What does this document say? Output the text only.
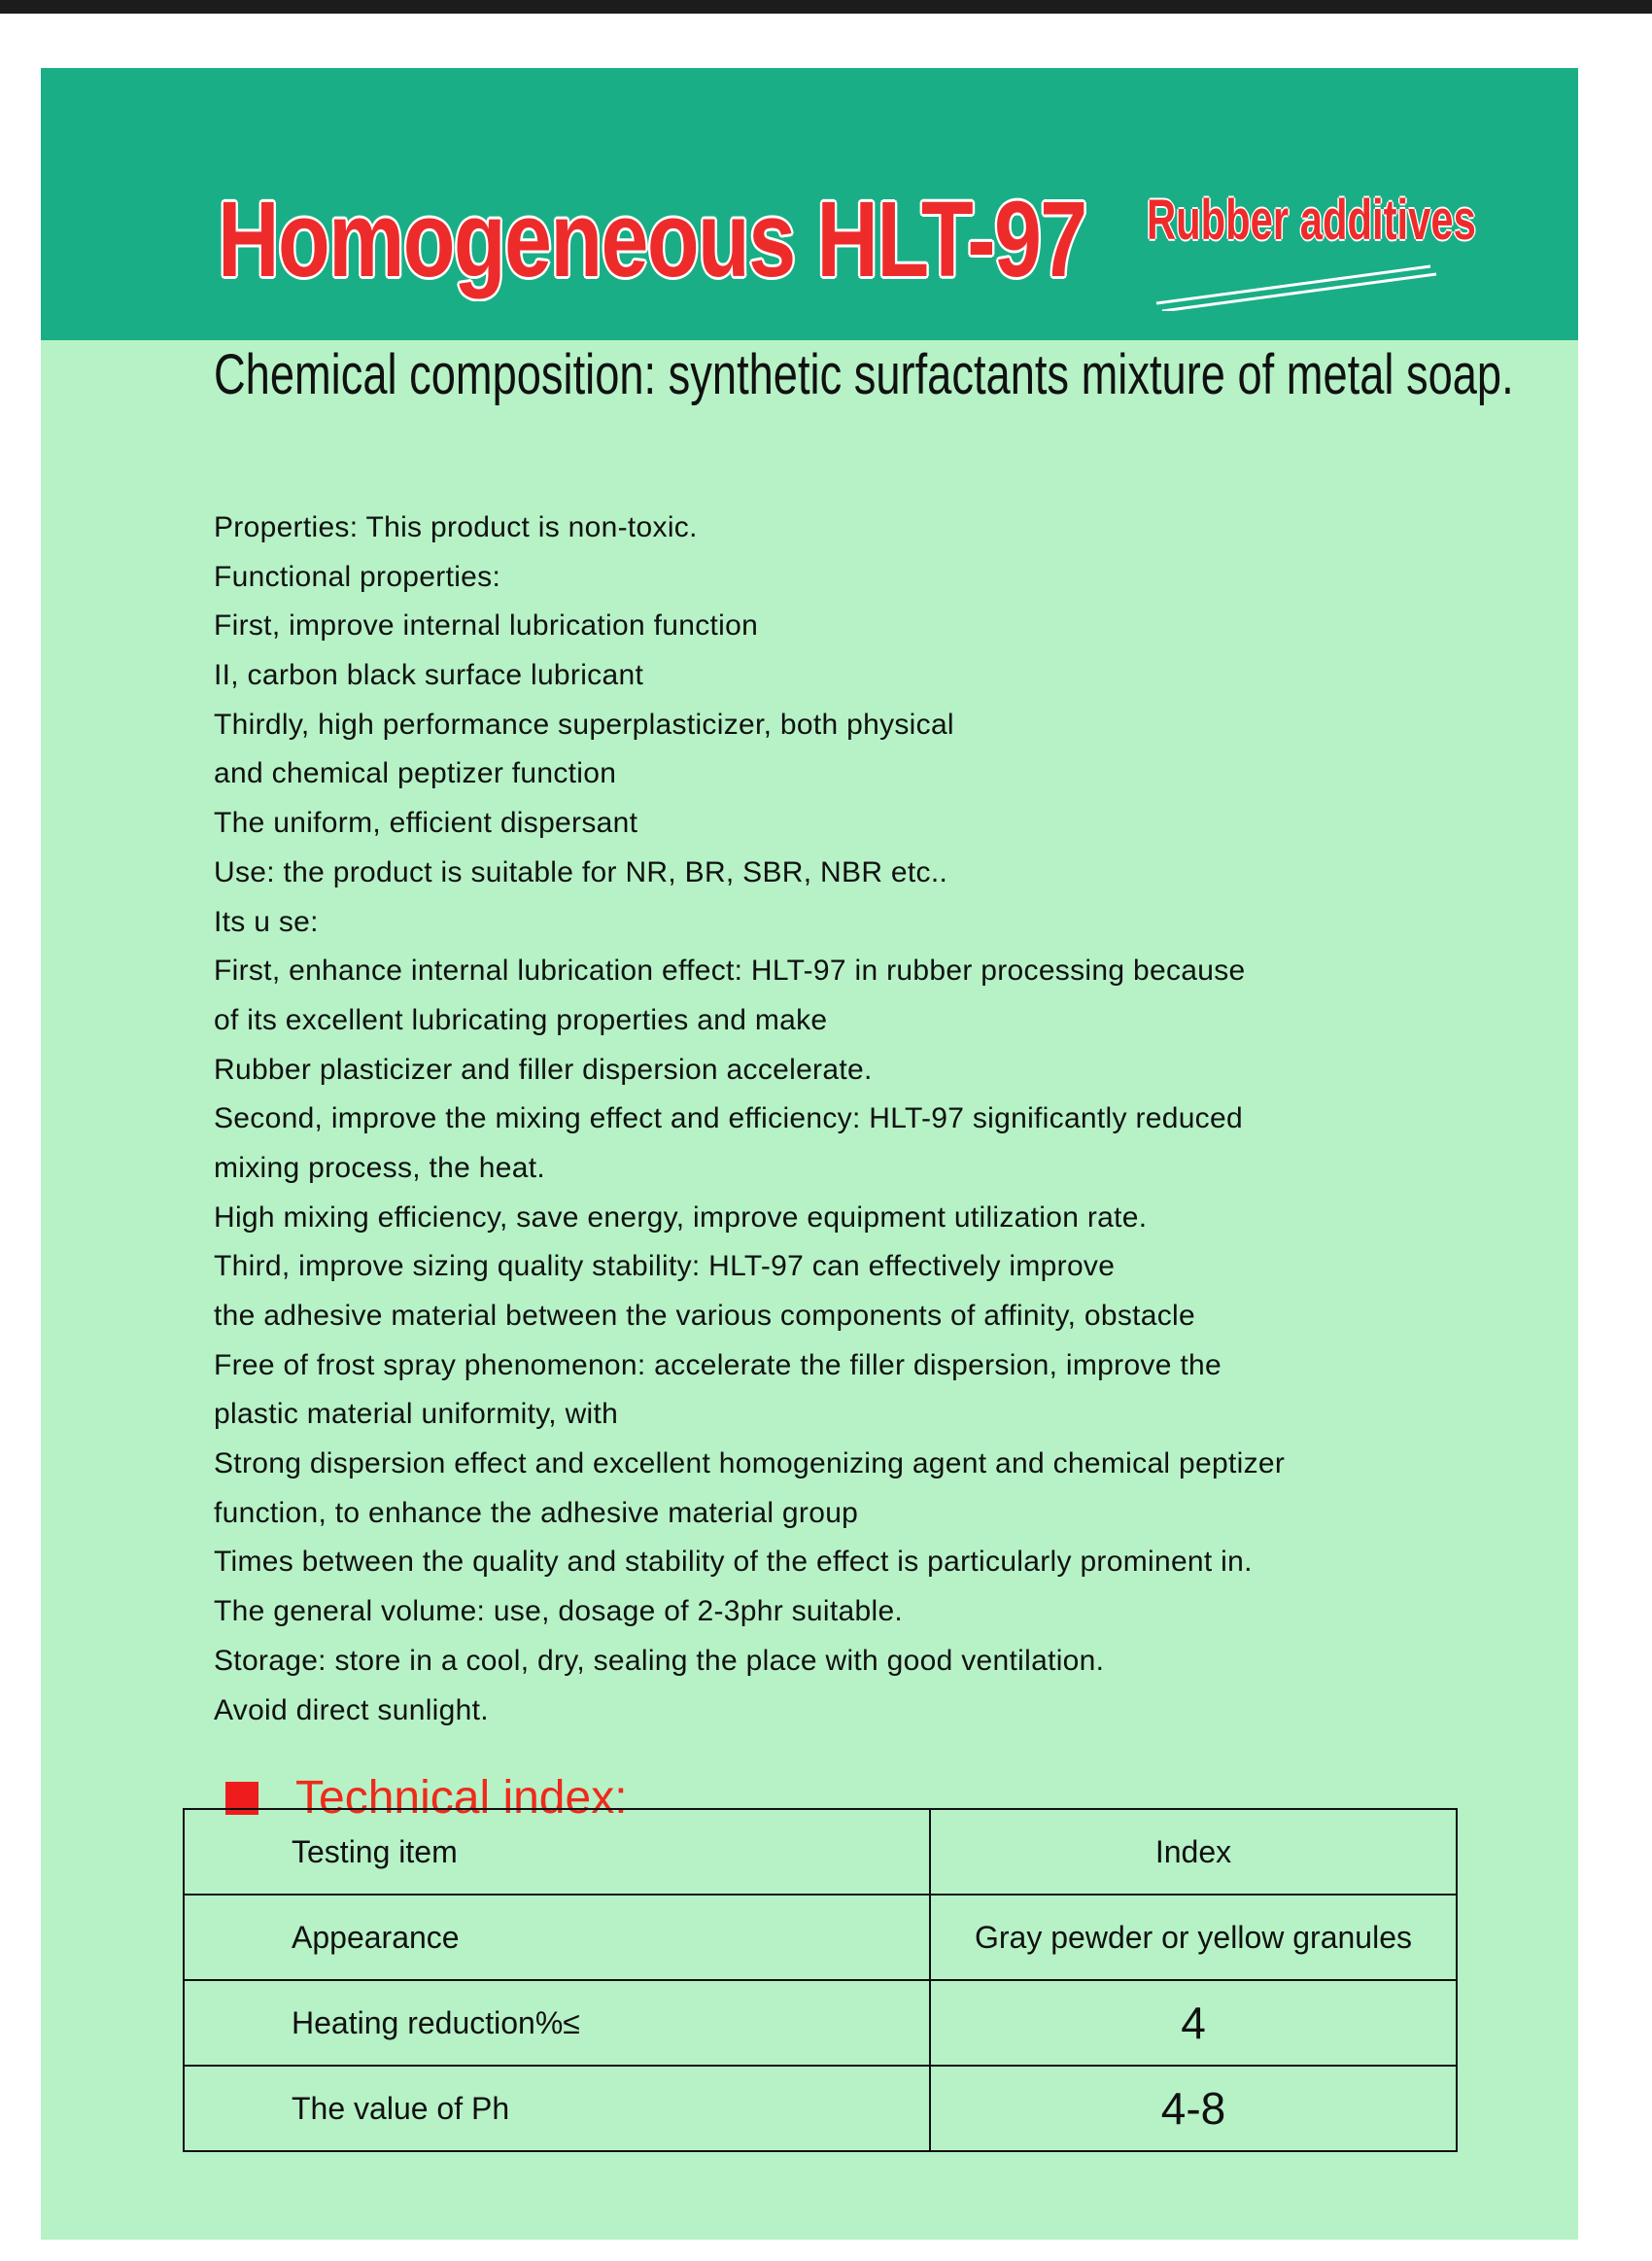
Homogeneous HLT-97 Rubber additives
Chemical composition: synthetic surfactants mixture of metal soap.
Properties: This product is non-toxic.
Functional properties:
First, improve internal lubrication function
II, carbon black surface lubricant
Thirdly, high performance superplasticizer, both physical
and chemical peptizer function
The uniform, efficient dispersant
Use: the product is suitable for NR, BR, SBR, NBR etc..
Its u se:
First, enhance internal lubrication effect: HLT-97 in rubber processing because
of its excellent lubricating properties and make
Rubber plasticizer and filler dispersion accelerate.
Second, improve the mixing effect and efficiency: HLT-97 significantly reduced
mixing process, the heat.
High mixing efficiency, save energy, improve equipment utilization rate.
Third, improve sizing quality stability: HLT-97 can effectively improve
the adhesive material between the various components of affinity, obstacle
Free of frost spray phenomenon: accelerate the filler dispersion, improve the
plastic material uniformity, with
Strong dispersion effect and excellent homogenizing agent and chemical peptizer
function, to enhance the adhesive material group
Times between the quality and stability of the effect is particularly prominent in.
The general volume: use, dosage of 2-3phr suitable.
Storage: store in a cool, dry, sealing the place with good ventilation.
Avoid direct sunlight.
Technical index:
Testing item	Index
Appearance	Gray pewder or yellow granules
Heating reduction%≤	4
The value of Ph	4-8
